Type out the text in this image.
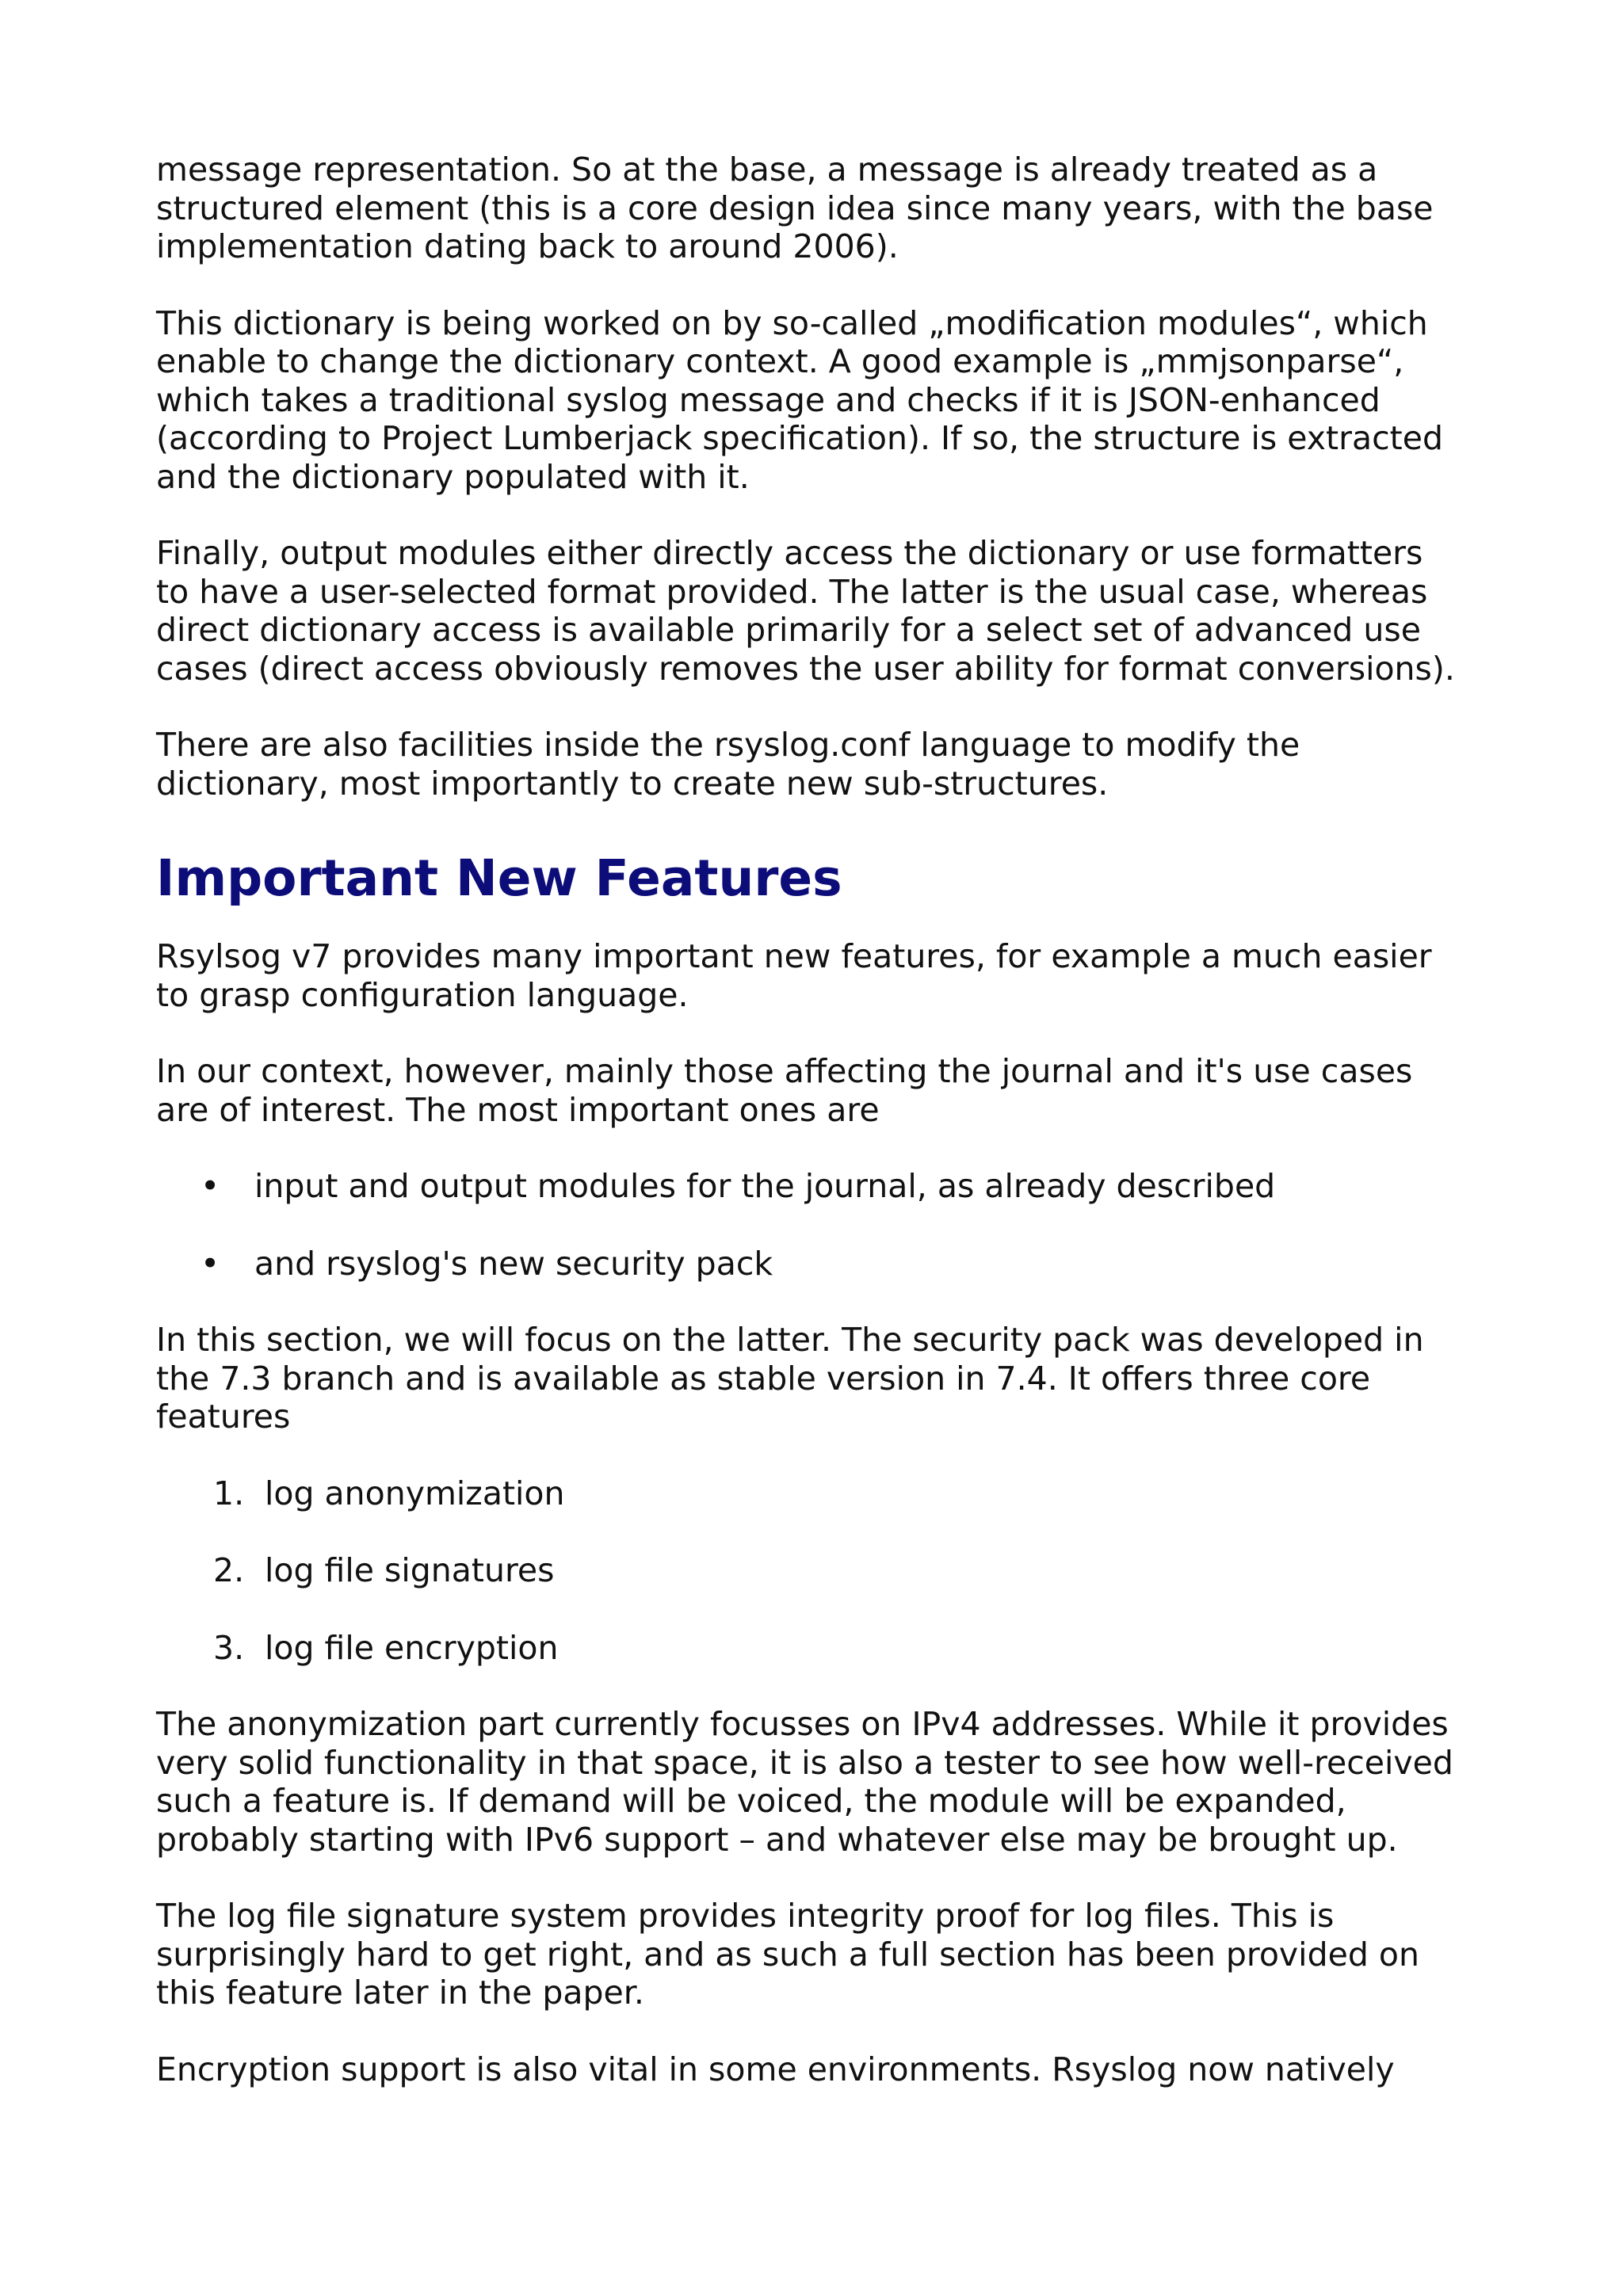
message representation. So at the base, a message is already treated as a
structured element (this is a core design idea since many years, with the base
implementation dating back to around 2006).

This dictionary is being worked on by so-called „modification modules“, which
enable to change the dictionary context. A good example is „mmjsonparse“,
which takes a traditional syslog message and checks if it is JSON-enhanced
(according to Project Lumberjack specification). If so, the structure is extracted
and the dictionary populated with it.

Finally, output modules either directly access the dictionary or use formatters
to have a user-selected format provided. The latter is the usual case, whereas
direct dictionary access is available primarily for a select set of advanced use
cases (direct access obviously removes the user ability for format conversions).

There are also facilities inside the rsyslog.conf language to modify the
dictionary, most importantly to create new sub-structures.

Important New Features

Rsylsog v7 provides many important new features, for example a much easier
to grasp configuration language.

In our context, however, mainly those affecting the journal and it's use cases
are of interest. The most important ones are

• input and output modules for the journal, as already described
• and rsyslog's new security pack

In this section, we will focus on the latter. The security pack was developed in
the 7.3 branch and is available as stable version in 7.4. It offers three core
features

1. log anonymization
2. log file signatures
3. log file encryption

The anonymization part currently focusses on IPv4 addresses. While it provides
very solid functionality in that space, it is also a tester to see how well-received
such a feature is. If demand will be voiced, the module will be expanded,
probably starting with IPv6 support – and whatever else may be brought up.

The log file signature system provides integrity proof for log files. This is
surprisingly hard to get right, and as such a full section has been provided on
this feature later in the paper.

Encryption support is also vital in some environments. Rsyslog now natively
